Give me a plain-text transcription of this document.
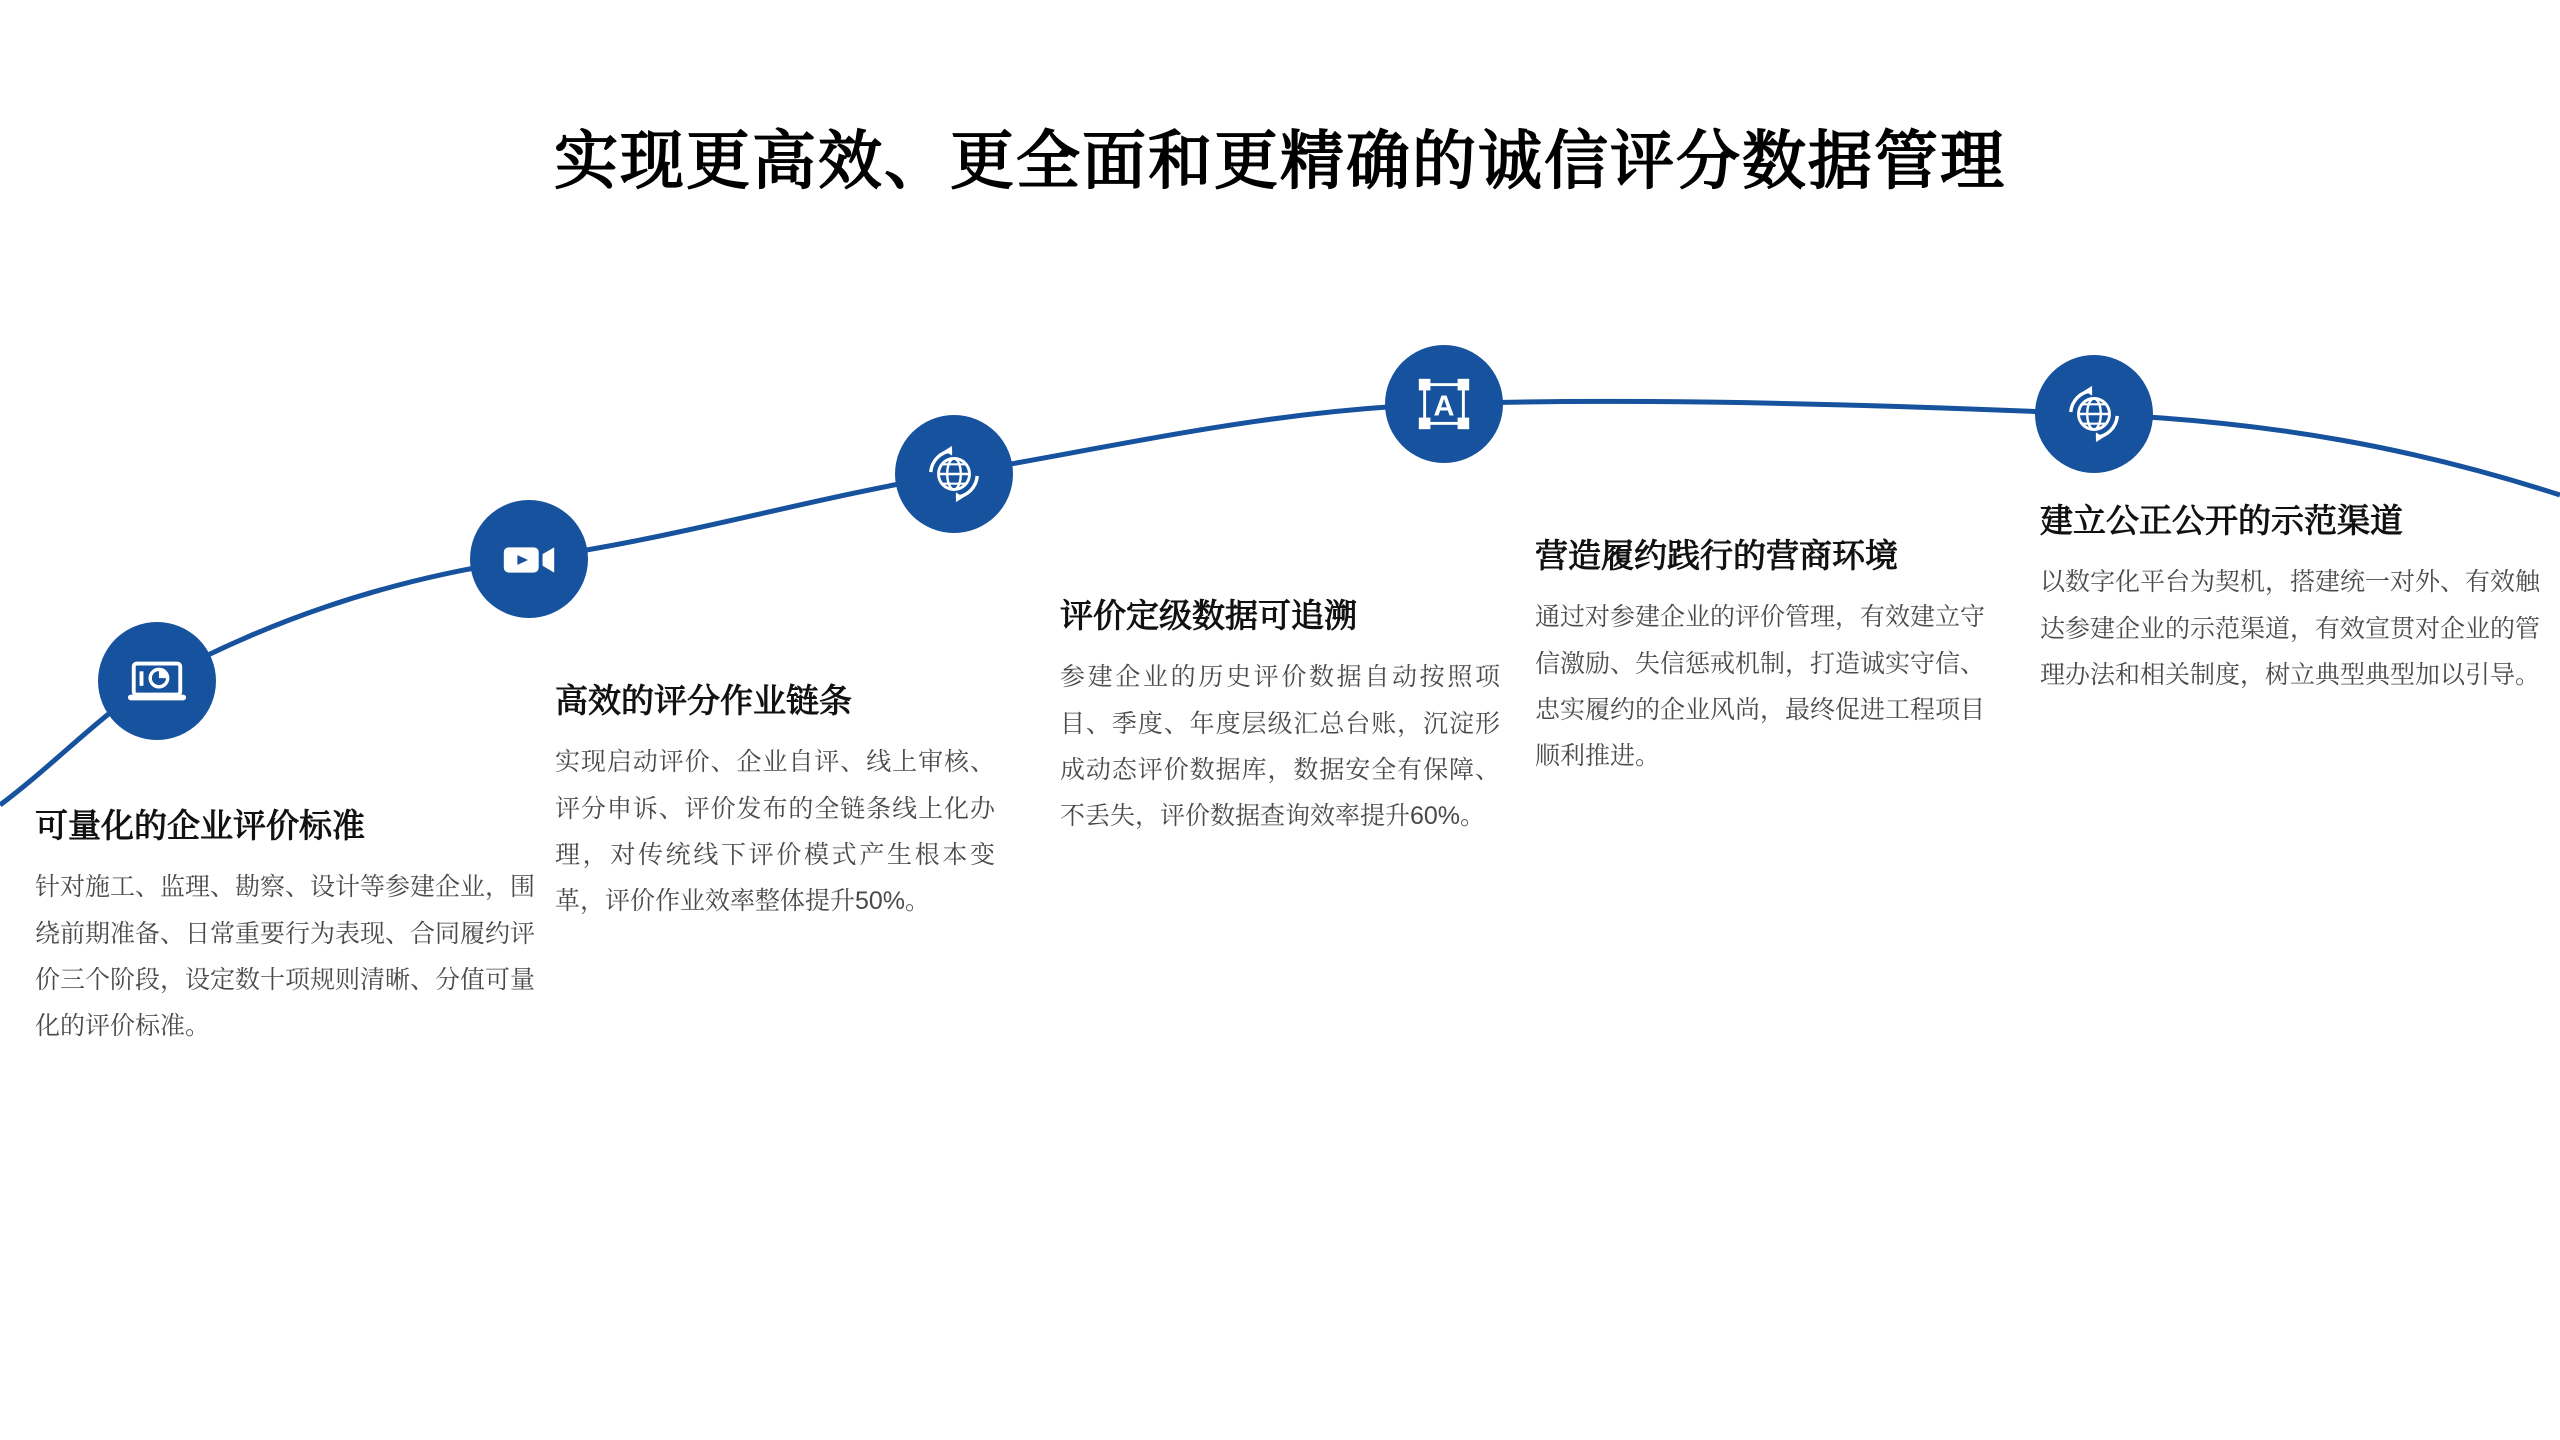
实现更高效、更全面和更精确的诚信评分数据管理
可量化的企业评价标准

针对施工、监理、勘察、设计等参建企业，围绕前期准备、日常重要行为表现、合同履约评价三个阶段，设定数十项规则清晰、分值可量化的评价标准。

高效的评分作业链条

实现启动评价、企业自评、线上审核、评分申诉、评价发布的全链条线上化办理，对传统线下评价模式产生根本变革，评价作业效率整体提升50%。

评价定级数据可追溯

参建企业的历史评价数据自动按照项目、季度、年度层级汇总台账，沉淀形成动态评价数据库，数据安全有保障、不丢失，评价数据查询效率提升60%。

A
营造履约践行的营商环境

通过对参建企业的评价管理，有效建立守信激励、失信惩戒机制，打造诚实守信、忠实履约的企业风尚，最终促进工程项目顺利推进。

建立公正公开的示范渠道

以数字化平台为契机，搭建统一对外、有效触达参建企业的示范渠道，有效宣贯对企业的管理办法和相关制度，树立典型典型加以引导。
